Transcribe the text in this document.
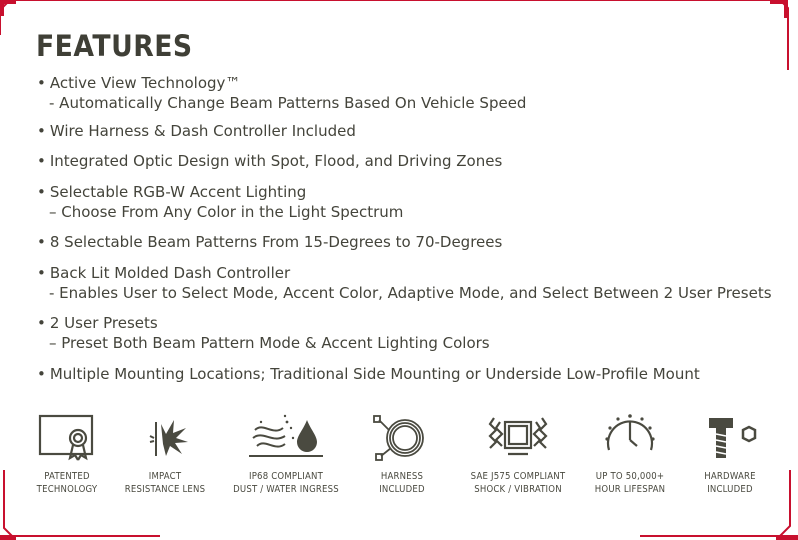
FEATURES
• Active View Technology™
- Automatically Change Beam Patterns Based On Vehicle Speed
• Wire Harness & Dash Controller Included
• Integrated Optic Design with Spot, Flood, and Driving Zones
• Selectable RGB-W Accent Lighting
– Choose From Any Color in the Light Spectrum
• 8 Selectable Beam Patterns From 15-Degrees to 70-Degrees
• Back Lit Molded Dash Controller
- Enables User to Select Mode, Accent Color, Adaptive Mode, and Select Between 2 User Presets
• 2 User Presets
– Preset Both Beam Pattern Mode & Accent Lighting Colors
• Multiple Mounting Locations; Traditional Side Mounting or Underside Low-Profile Mount
PATENTED
TECHNOLOGY
IMPACT
RESISTANCE LENS
IP68 COMPLIANT
DUST / WATER INGRESS
HARNESS
INCLUDED
SAE J575 COMPLIANT
SHOCK / VIBRATION
UP TO 50,000+
HOUR LIFESPAN
HARDWARE
INCLUDED
